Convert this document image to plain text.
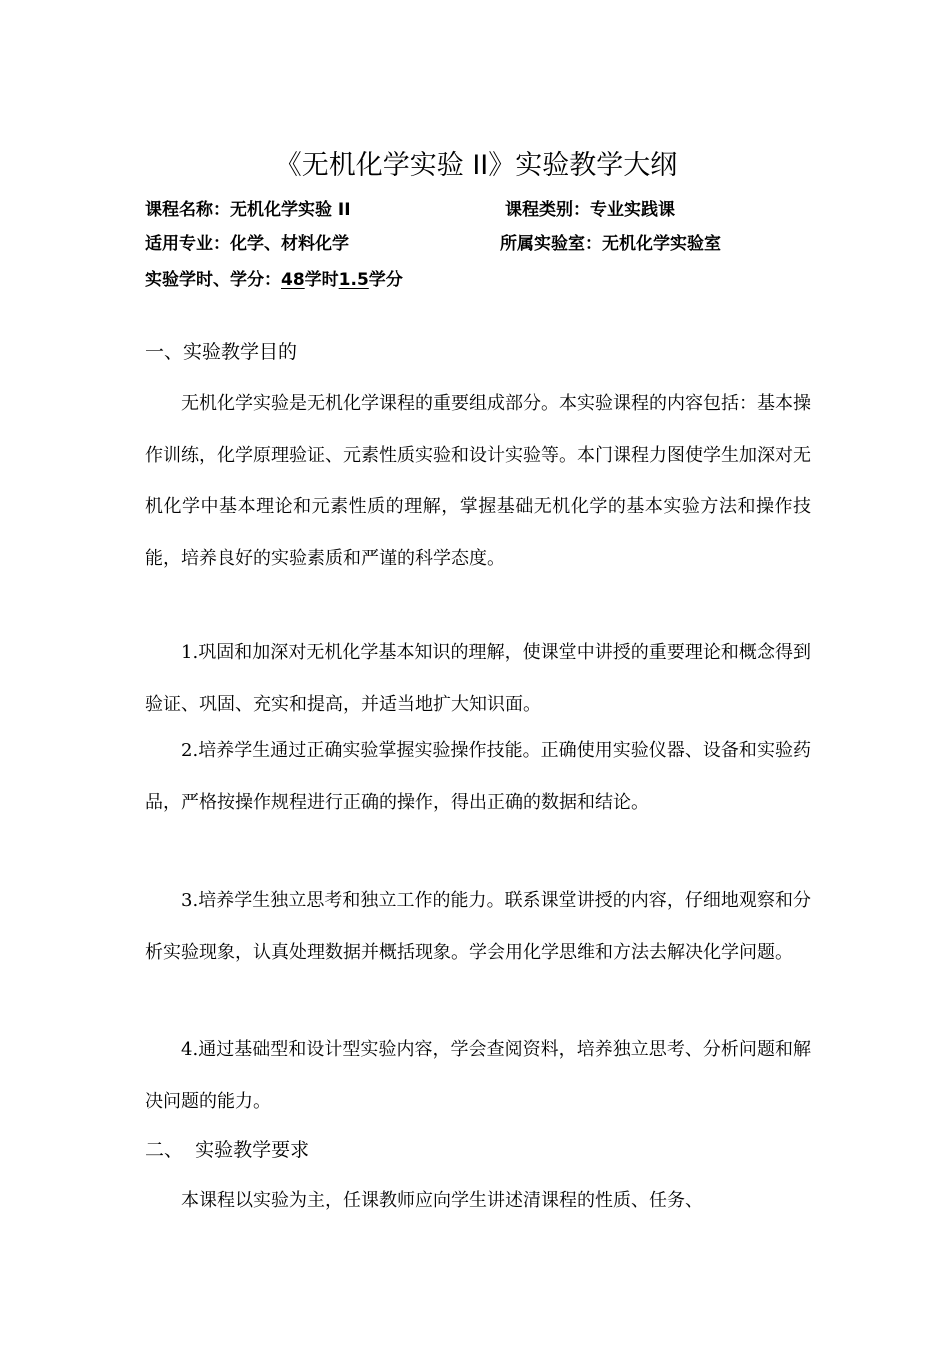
《无机化学实验 II》实验教学大纲
课程名称：无机化学实验 II	课程类别：专业实践课
适用专业：化学、材料化学	所属实验室：无机化学实验室
实验学时、学分：48学时1.5学分
一、实验教学目的

无机化学实验是无机化学课程的重要组成部分。本实验课程的内容包括：基本操作训练，化学原理验证、元素性质实验和设计实验等。本门课程力图使学生加深对无机化学中基本理论和元素性质的理解，掌握基础无机化学的基本实验方法和操作技能，培养良好的实验素质和严谨的科学态度。

1.巩固和加深对无机化学基本知识的理解，使课堂中讲授的重要理论和概念得到验证、巩固、充实和提高，并适当地扩大知识面。

2.培养学生通过正确实验掌握实验操作技能。正确使用实验仪器、设备和实验药品，严格按操作规程进行正确的操作，得出正确的数据和结论。

3.培养学生独立思考和独立工作的能力。联系课堂讲授的内容，仔细地观察和分析实验现象，认真处理数据并概括现象。学会用化学思维和方法去解决化学问题。

4.通过基础型和设计型实验内容，学会查阅资料，培养独立思考、分析问题和解决问题的能力。

二、  实验教学要求

本课程以实验为主，任课教师应向学生讲述清课程的性质、任务、
